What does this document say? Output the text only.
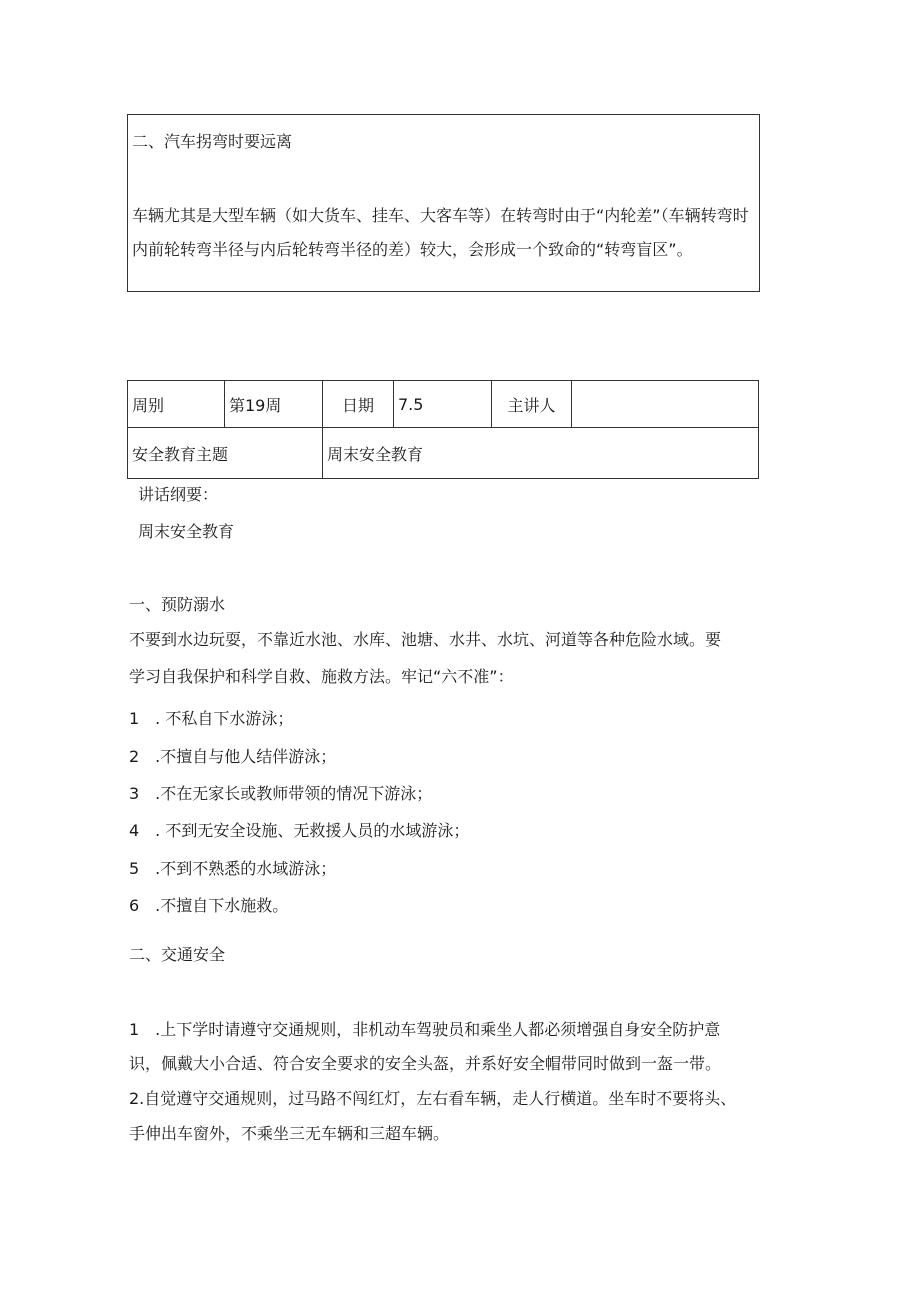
二、汽车拐弯时要远离
车辆尤其是大型车辆（如大货车、挂车、大客车等）在转弯时由于“内轮差”（车辆转弯时内前轮转弯半径与内后轮转弯半径的差）较大，会形成一个致命的“转弯盲区”。
周别	第19周	日期	7.5	主讲人	
安全教育主题		周末安全教育			
讲话纲要：
周末安全教育
一、预防溺水
不要到水边玩耍，不靠近水池、水库、池塘、水井、水坑、河道等各种危险水域。要
学习自我保护和科学自救、施救方法。牢记“六不准”：
1　. 不私自下水游泳；
2　.不擅自与他人结伴游泳；
3　.不在无家长或教师带领的情况下游泳；
4　. 不到无安全设施、无救援人员的水域游泳；
5　.不到不熟悉的水域游泳；
6　.不擅自下水施救。
二、交通安全
1　.上下学时请遵守交通规则，非机动车驾驶员和乘坐人都必须增强自身安全防护意
识，佩戴大小合适、符合安全要求的安全头盔，并系好安全帽带同时做到一盔一带。
2.自觉遵守交通规则，过马路不闯红灯，左右看车辆，走人行横道。坐车时不要将头、
手伸出车窗外，不乘坐三无车辆和三超车辆。
